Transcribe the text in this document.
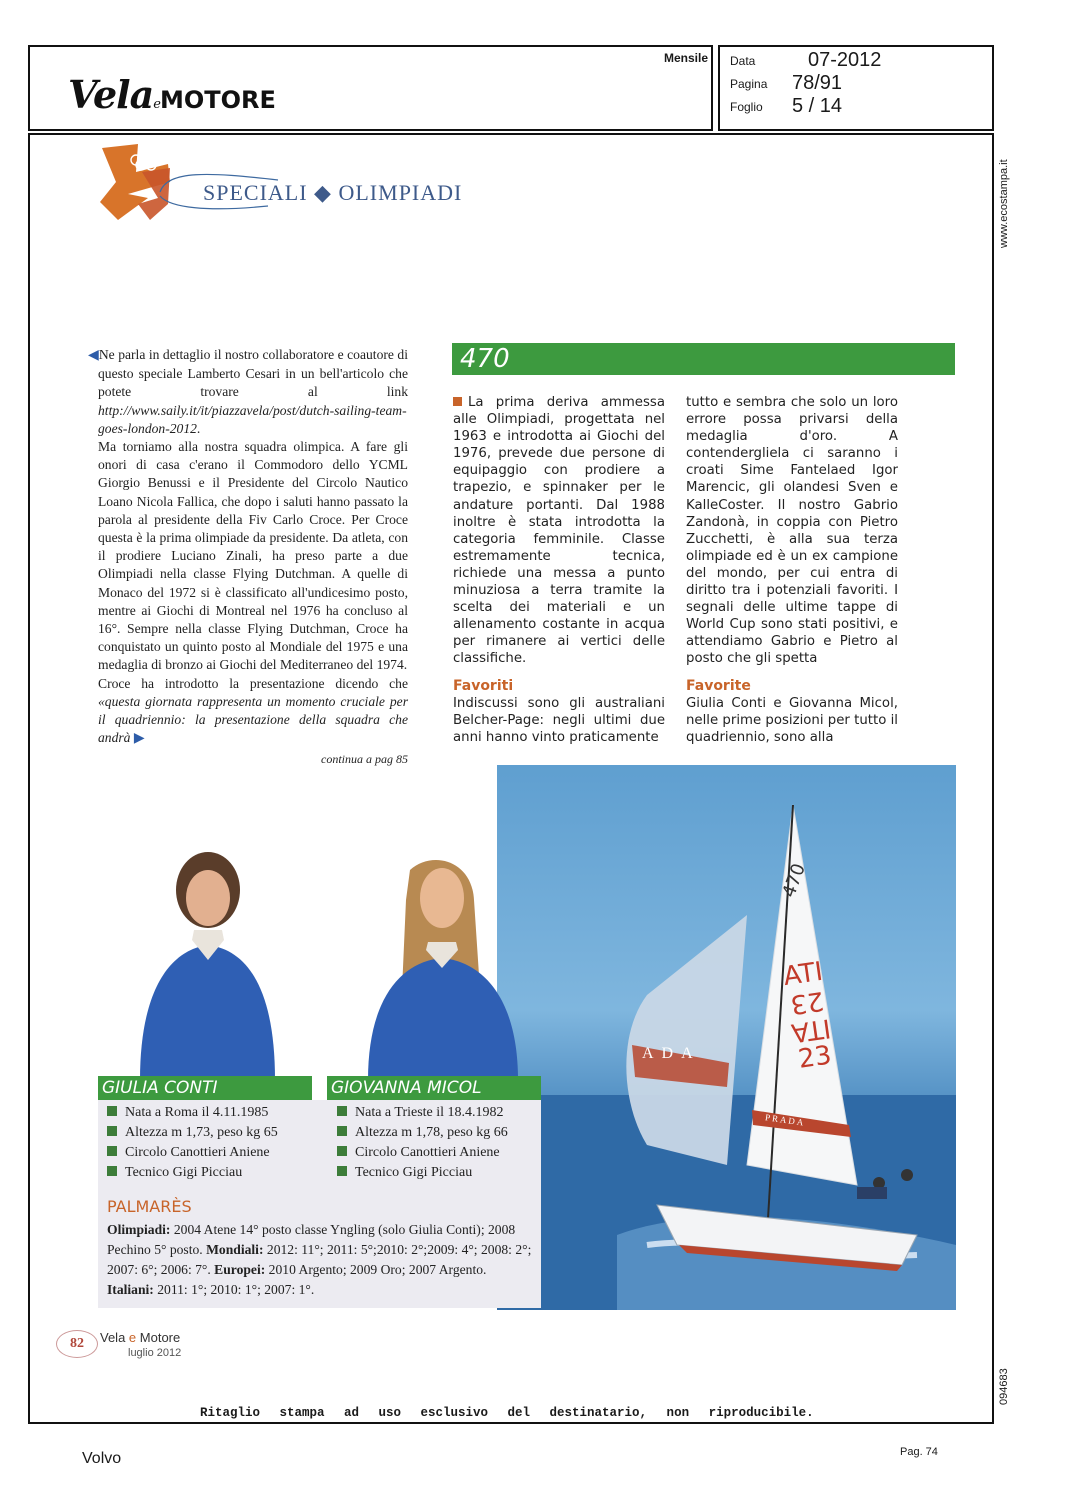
VelaeMOTORE
Mensile Data
Pagina
Foglio
07-2012
78/91
5 / 14
www.ecostampa.it
094683
SPECIALI ◆ OLIMPIADI

◀Ne parla in dettaglio il nostro collaboratore e coautore di questo speciale Lamberto Cesari in un bell'articolo che potete trovare al link http://www.saily.it/it/piazzavela/post/dutch-sailing-team-goes-london-2012.

Ma torniamo alla nostra squadra olimpica. A fare gli onori di casa c'erano il Commodoro dello YCML Giorgio Benussi e il Presidente del Circolo Nautico Loano Nicola Fallica, che dopo i saluti hanno passato la parola al presidente della Fiv Carlo Croce. Per Croce questa è la prima olimpiade da presidente. Da atleta, con il prodiere Luciano Zinali, ha preso parte a due Olimpiadi nella classe Flying Dutchman. A quelle di Monaco del 1972 si è classificato all'undicesimo posto, mentre ai Giochi di Montreal nel 1976 ha concluso al 16°. Sempre nella classe Flying Dutchman, Croce ha conquistato un quinto posto al Mondiale del 1975 e una medaglia di bronzo ai Giochi del Mediterraneo del 1974.

Croce ha introdotto la presentazione dicendo che «questa giornata rappresenta un momento cruciale per il quadriennio: la presentazione della squadra che andrà ▶

continua a pag 85

470

La prima deriva ammessa alle Olimpiadi, progettata nel 1963 e introdotta ai Giochi del 1976, prevede due persone di equipaggio con prodiere a trapezio, e spinnaker per le andature portanti. Dal 1988 inoltre è stata introdotta la categoria femminile. Classe estremamente tecnica, richiede una messa a punto minuziosa a terra tramite la scelta dei materiali e un allenamento costante in acqua per rimanere ai vertici delle classifiche.

Favoriti

Indiscussi sono gli australiani Belcher-Page: negli ultimi due anni hanno vinto praticamente

tutto e sembra che solo un loro errore possa privarsi della medaglia d'oro. A contendergliela ci saranno i croati Sime Fantelaed Igor Marencic, gli olandesi Sven e KalleCoster. Il nostro Gabrio Zandonà, in coppia con Pietro Zucchetti, è alla sua terza olimpiade ed è un ex campione del mondo, per cui entra di diritto tra i potenziali favoriti. I segnali delle ultime tappe di World Cup sono stati positivi, e attendiamo Gabrio e Pietro al posto che gli spetta

Favorite

Giulia Conti e Giovanna Micol, nelle prime posizioni per tutto il quadriennio, sono alla

470
ATI
23
ITA
23
ADA
PRADA
GIULIA CONTI	GIOVANNA MICOL
Nata a Roma il 4.11.1985
Altezza m 1,73, peso kg 65
Circolo Canottieri Aniene
Tecnico Gigi Picciau
Nata a Trieste il 18.4.1982
Altezza m 1,78, peso kg 66
Circolo Canottieri Aniene
Tecnico Gigi Picciau
PALMARÈS
Olimpiadi: 2004 Atene 14° posto classe Yngling (solo Giulia Conti); 2008 Pechino 5° posto. Mondiali: 2012: 11°; 2011: 5°;2010: 2°;2009: 4°; 2008: 2°; 2007: 6°; 2006: 7°. Europei: 2010 Argento; 2009 Oro; 2007 Argento.
Italiani: 2011: 1°; 2010: 1°; 2007: 1°.
82	Vela e Motore
luglio 2012
Ritaglio stampa ad uso esclusivo del destinatario, non riproducibile.
Volvo	Pag. 74
